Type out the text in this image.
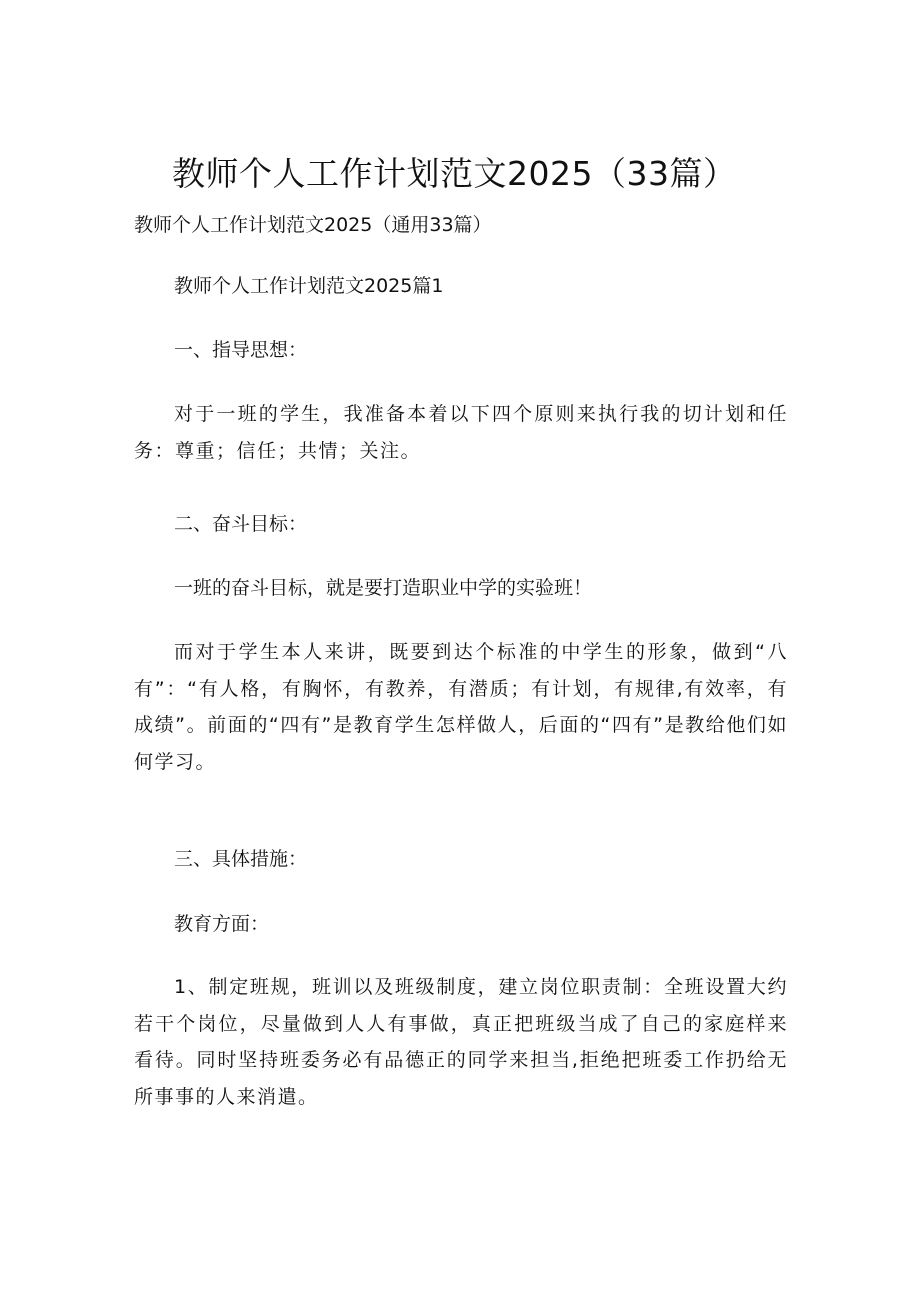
教师个人工作计划范文2025（33篇）
教师个人工作计划范文2025（通用33篇）
教师个人工作计划范文2025篇1
一、指导思想：
对于一班的学生，我准备本着以下四个原则来执行我的切计划和任务：尊重；信任；共情；关注。
二、奋斗目标：
一班的奋斗目标，就是要打造职业中学的实验班！
而对于学生本人来讲，既要到达个标准的中学生的形象，做到“八有”：“有人格，有胸怀，有教养，有潜质；有计划，有规律,有效率，有成绩”。前面的“四有”是教育学生怎样做人，后面的“四有”是教给他们如何学习。
三、具体措施：
教育方面：
1、制定班规，班训以及班级制度，建立岗位职责制：全班设置大约若干个岗位，尽量做到人人有事做，真正把班级当成了自己的家庭样来看待。同时坚持班委务必有品德正的同学来担当,拒绝把班委工作扔给无所事事的人来消遣。
